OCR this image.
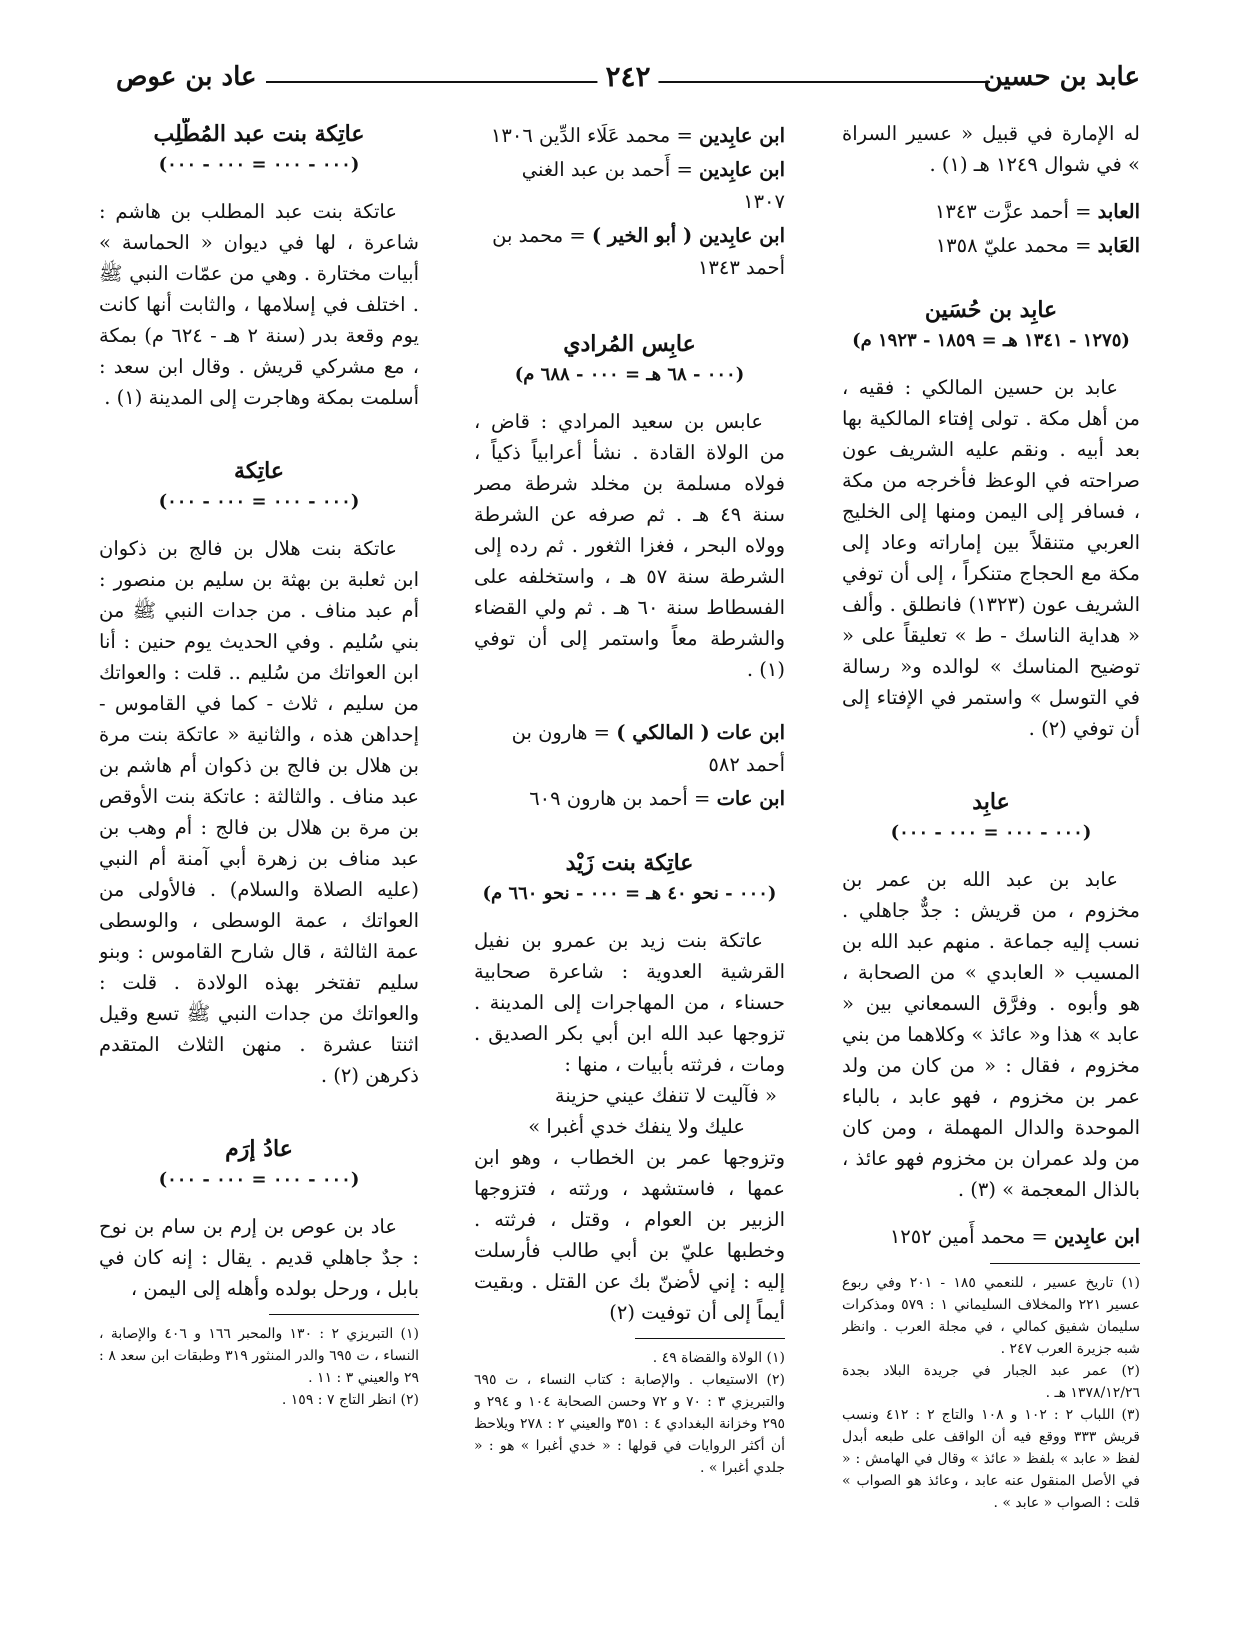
عابد بن حسين
٢٤٢
عاد بن عوص

له الإمارة في قبيل « عسير السراة » في شوال ١٢٤٩ هـ (١) .

العابد = أحمد عزَّت ١٣٤٣

العَابد = محمد عليّ ١٣٥٨

عابِد بن حُسَين
(١٢٧٥ - ١٣٤١ هـ = ١٨٥٩ - ١٩٢٣ م)

عابد بن حسين المالكي : فقيه ، من أهل مكة . تولى إفتاء المالكية بها بعد أبيه . ونقم عليه الشريف عون صراحته في الوعظ فأخرجه من مكة ، فسافر إلى اليمن ومنها إلى الخليج العربي متنقلاً بين إماراته وعاد إلى مكة مع الحجاج متنكراً ، إلى أن توفي الشريف عون (١٣٢٣) فانطلق . وألف « هداية الناسك - ط » تعليقاً على « توضيح المناسك » لوالده و« رسالة في التوسل » واستمر في الإفتاء إلى أن توفي (٢) .

عابِد
(٠٠٠ - ٠٠٠ = ٠٠٠ - ٠٠٠)

عابد بن عبد الله بن عمر بن مخزوم ، من قريش : جدٌّ جاهلي . نسب إليه جماعة . منهم عبد الله بن المسيب « العابدي » من الصحابة ، هو وأبوه . وفرَّق السمعاني بين « عابد » هذا و« عائذ » وكلاهما من بني مخزوم ، فقال : « من كان من ولد عمر بن مخزوم ، فهو عابد ، بالباء الموحدة والدال المهملة ، ومن كان من ولد عمران بن مخزوم فهو عائذ ، بالذال المعجمة » (٣) .

ابن عابِدين = محمد أَمين ١٢٥٢

(١) تاريخ عسير ، للنعمي ١٨٥ - ٢٠١ وفي ربوع عسير ٢٢١ والمخلاف السليماني ١ : ٥٧٩ ومذكرات سليمان شفيق كمالي ، في مجلة العرب . وانظر شبه جزيرة العرب ٢٤٧ .

(٢) عمر عبد الجبار في جريدة البلاد بجدة ١٣٧٨/١٢/٢٦ هـ .

(٣) اللباب ٢ : ١٠٢ و ١٠٨ والتاج ٢ : ٤١٢ ونسب قريش ٣٣٣ ووقع فيه أن الواقف على طبعه أبدل لفظ « عابد » بلفظ « عائذ » وقال في الهامش : « في الأصل المنقول عنه عابد ، وعائذ هو الصواب » قلت : الصواب « عابد » .

ابن عابِدين = محمد عَلَاء الدِّين ١٣٠٦

ابن عابِدين = أَحمد بن عبد الغني ١٣٠٧

ابن عابِدين ( أبو الخير ) = محمد بن أحمد ١٣٤٣

عابِس المُرادي
(٠٠٠ - ٦٨ هـ = ٠٠٠ - ٦٨٨ م)

عابس بن سعيد المرادي : قاض ، من الولاة القادة . نشأ أعرابياً ذكياً ، فولاه مسلمة بن مخلد شرطة مصر سنة ٤٩ هـ . ثم صرفه عن الشرطة وولاه البحر ، فغزا الثغور . ثم رده إلى الشرطة سنة ٥٧ هـ ، واستخلفه على الفسطاط سنة ٦٠ هـ . ثم ولي القضاء والشرطة معاً واستمر إلى أن توفي (١) .

ابن عات ( المالكي ) = هارون بن أحمد ٥٨٢

ابن عات = أحمد بن هارون ٦٠٩

عاتِكة بنت زَيْد
(٠٠٠ - نحو ٤٠ هـ = ٠٠٠ - نحو ٦٦٠ م)

عاتكة بنت زيد بن عمرو بن نفيل القرشية العدوية : شاعرة صحابية حسناء ، من المهاجرات إلى المدينة . تزوجها عبد الله ابن أبي بكر الصديق . ومات ، فرثته بأبيات ، منها :

« فآليت لا تنفك عيني حزينة

عليك ولا ينفك خدي أغبرا »

وتزوجها عمر بن الخطاب ، وهو ابن عمها ، فاستشهد ، ورثته ، فتزوجها الزبير بن العوام ، وقتل ، فرثته . وخطبها عليّ بن أبي طالب فأرسلت إليه : إني لأضنّ بك عن القتل . وبقيت أيماً إلى أن توفيت (٢)

(١) الولاة والقضاة ٤٩ .

(٢) الاستيعاب . والإصابة : كتاب النساء ، ت ٦٩٥ والتبريزي ٣ : ٧٠ و ٧٢ وحسن الصحابة ١٠٤ و ٢٩٤ و ٢٩٥ وخزانة البغدادي ٤ : ٣٥١ والعيني ٢ : ٢٧٨ ويلاحظ أن أكثر الروايات في قولها : « خدي أغبرا » هو : « جلدي أغبرا » .

عاتِكة بنت عبد المُطَّلِب
(٠٠٠ - ٠٠٠ = ٠٠٠ - ٠٠٠)

عاتكة بنت عبد المطلب بن هاشم : شاعرة ، لها في ديوان « الحماسة » أبيات مختارة . وهي من عمّات النبي ﷺ . اختلف في إسلامها ، والثابت أنها كانت يوم وقعة بدر (سنة ٢ هـ - ٦٢٤ م) بمكة ، مع مشركي قريش . وقال ابن سعد : أسلمت بمكة وهاجرت إلى المدينة (١) .

عاتِكة
(٠٠٠ - ٠٠٠ = ٠٠٠ - ٠٠٠)

عاتكة بنت هلال بن فالج بن ذكوان ابن ثعلبة بن بهثة بن سليم بن منصور : أم عبد مناف . من جدات النبي ﷺ من بني سُليم . وفي الحديث يوم حنين : أنا ابن العواتك من سُليم .. قلت : والعواتك من سليم ، ثلاث - كما في القاموس - إحداهن هذه ، والثانية « عاتكة بنت مرة بن هلال بن فالج بن ذكوان أم هاشم بن عبد مناف . والثالثة : عاتكة بنت الأوقص بن مرة بن هلال بن فالج : أم وهب بن عبد مناف بن زهرة أبي آمنة أم النبي (عليه الصلاة والسلام) . فالأولى من العواتك ، عمة الوسطى ، والوسطى عمة الثالثة ، قال شارح القاموس : وبنو سليم تفتخر بهذه الولادة . قلت : والعواتك من جدات النبي ﷺ تسع وقيل اثنتا عشرة . منهن الثلاث المتقدم ذكرهن (٢) .

عادُ إرَم
(٠٠٠ - ٠٠٠ = ٠٠٠ - ٠٠٠)

عاد بن عوص بن إرم بن سام بن نوح : جدٌ جاهلي قديم . يقال : إنه كان في بابل ، ورحل بولده وأهله إلى اليمن ،

(١) التبريزي ٢ : ١٣٠ والمحبر ١٦٦ و ٤٠٦ والإصابة ، النساء ، ت ٦٩٥ والدر المنثور ٣١٩ وطبقات ابن سعد ٨ : ٢٩ والعيني ٣ : ١١ .

(٢) انظر التاج ٧ : ١٥٩ .
